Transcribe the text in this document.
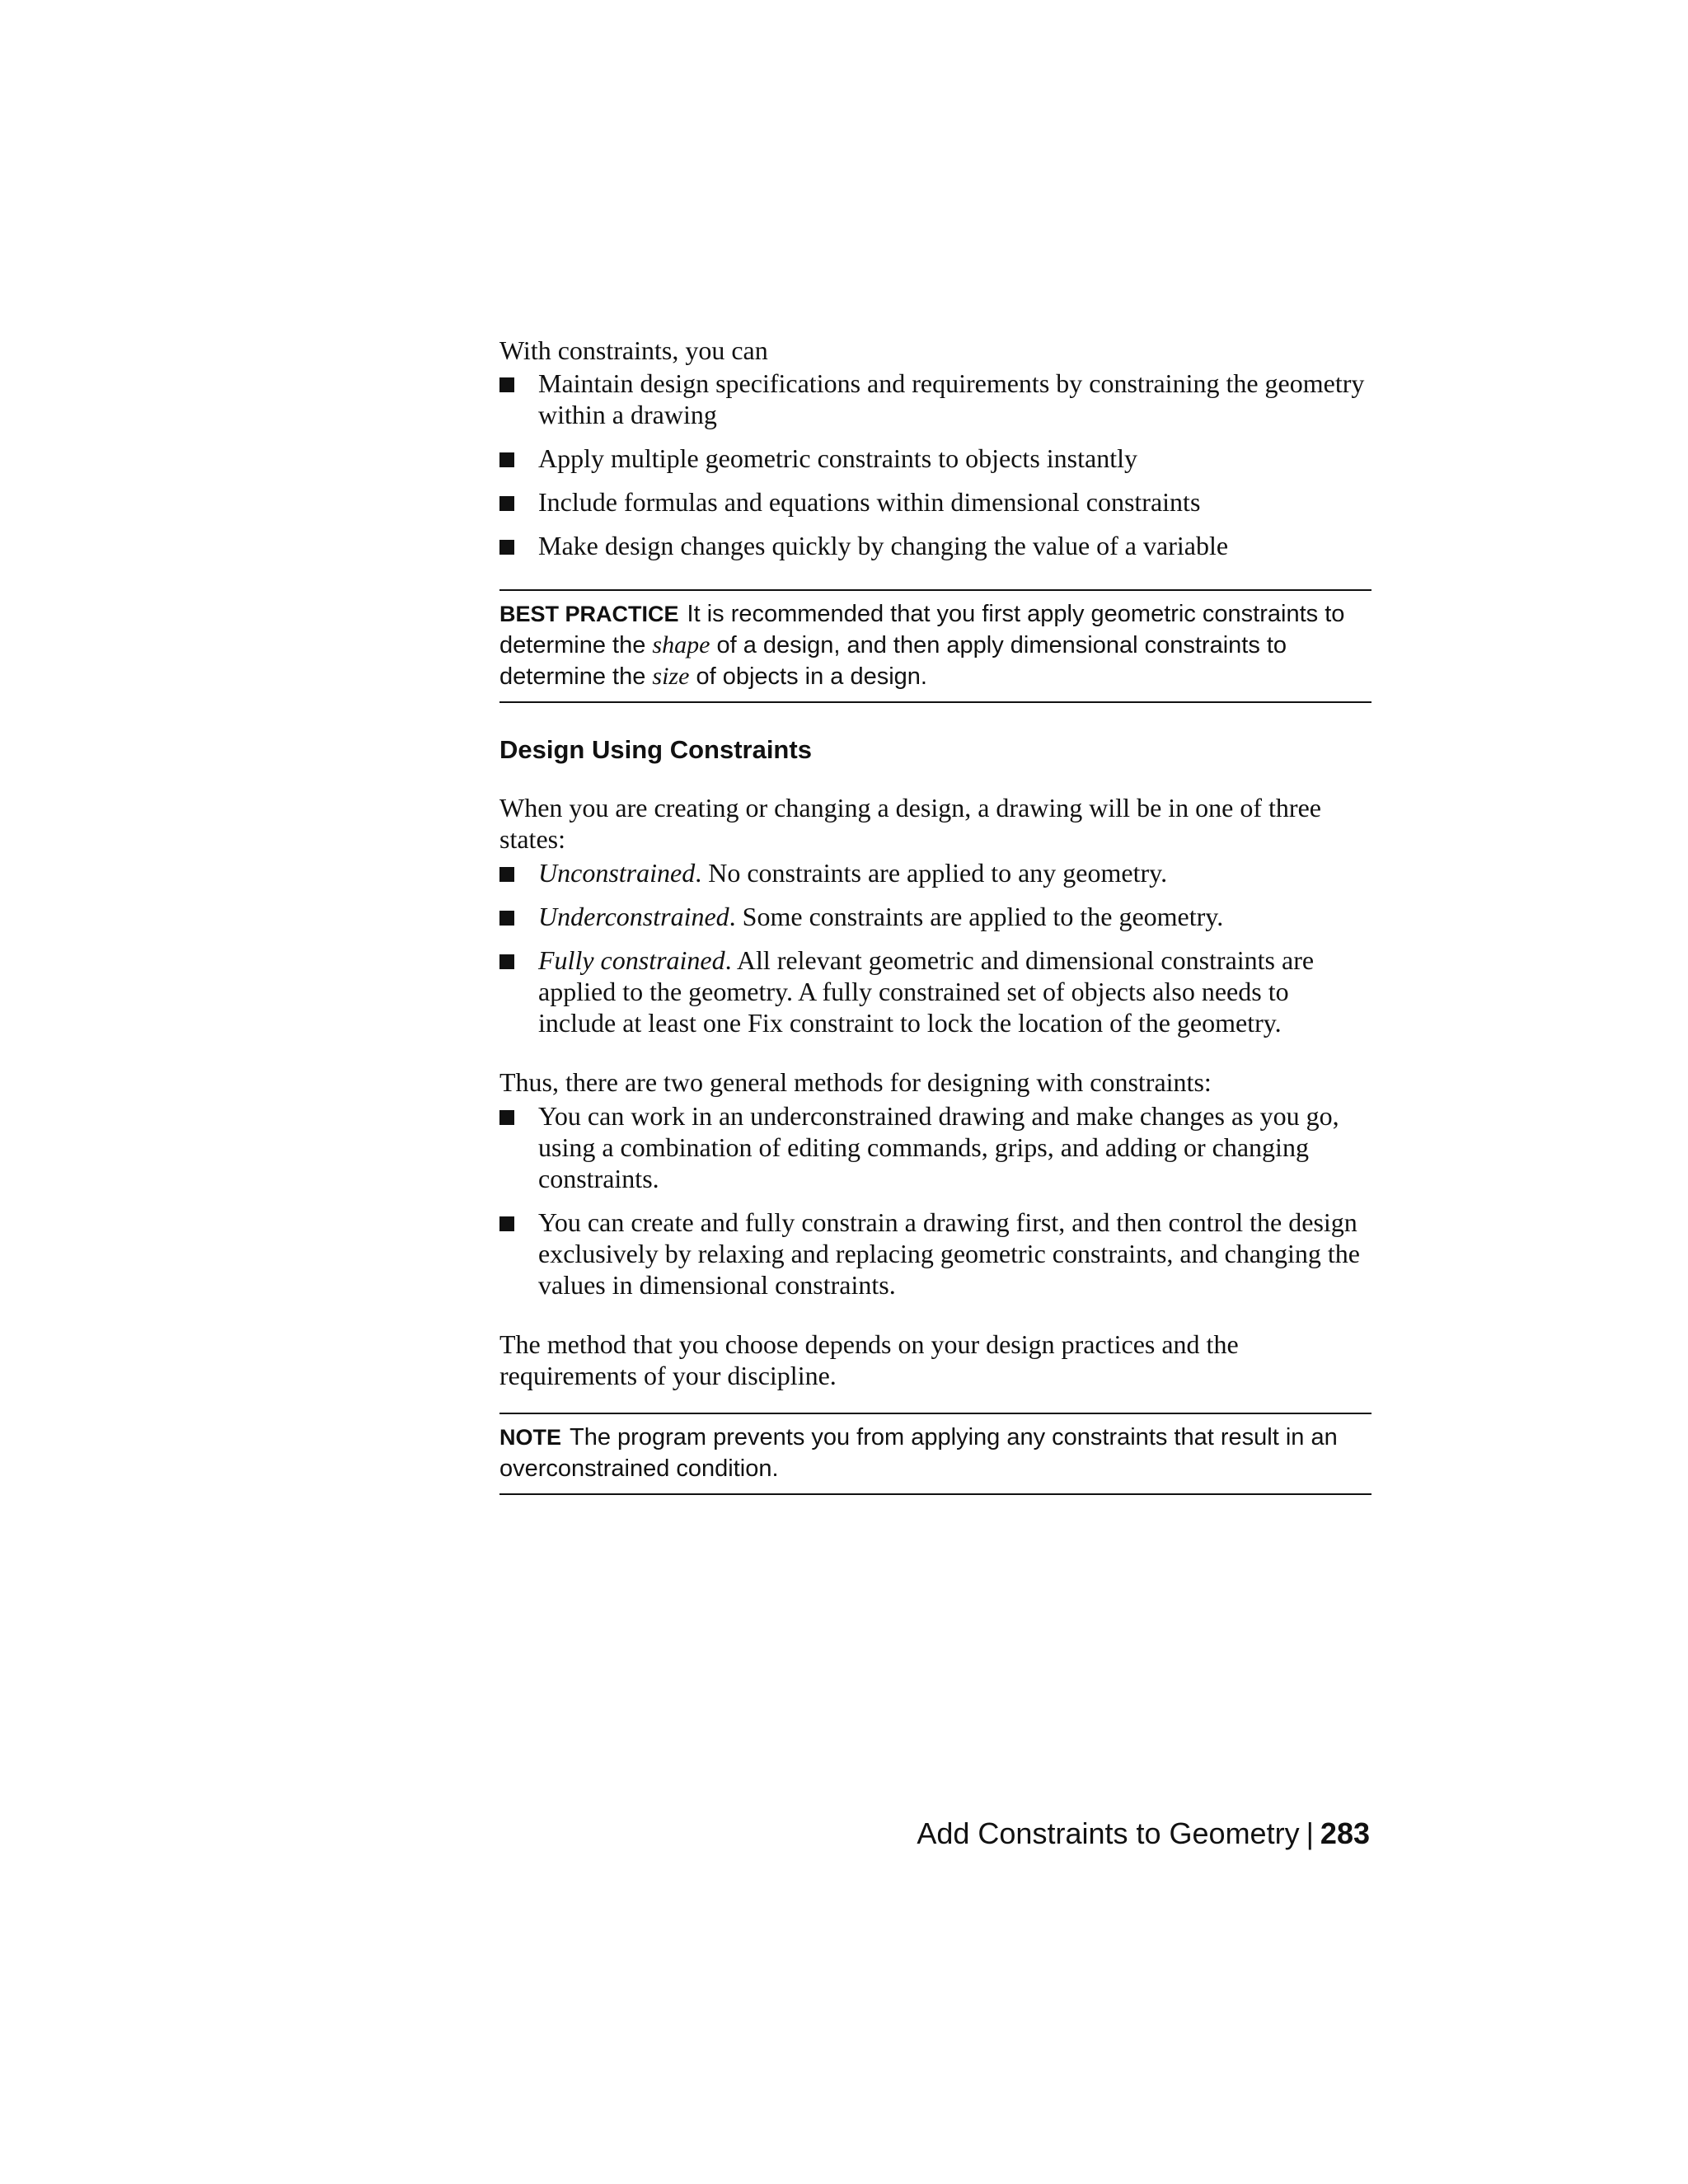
With constraints, you can

Maintain design specifications and requirements by constraining the geometry within a drawing
Apply multiple geometric constraints to objects instantly
Include formulas and equations within dimensional constraints
Make design changes quickly by changing the value of a variable
BEST PRACTICE It is recommended that you first apply geometric constraints to determine the shape of a design, and then apply dimensional constraints to determine the size of objects in a design.
Design Using Constraints

When you are creating or changing a design, a drawing will be in one of three states:

Unconstrained. No constraints are applied to any geometry.
Underconstrained. Some constraints are applied to the geometry.
Fully constrained. All relevant geometric and dimensional constraints are applied to the geometry. A fully constrained set of objects also needs to include at least one Fix constraint to lock the location of the geometry.

Thus, there are two general methods for designing with constraints:

You can work in an underconstrained drawing and make changes as you go, using a combination of editing commands, grips, and adding or changing constraints.
You can create and fully constrain a drawing first, and then control the design exclusively by relaxing and replacing geometric constraints, and changing the values in dimensional constraints.

The method that you choose depends on your design practices and the requirements of your discipline.

NOTE The program prevents you from applying any constraints that result in an overconstrained condition.
Add Constraints to Geometry | 283
